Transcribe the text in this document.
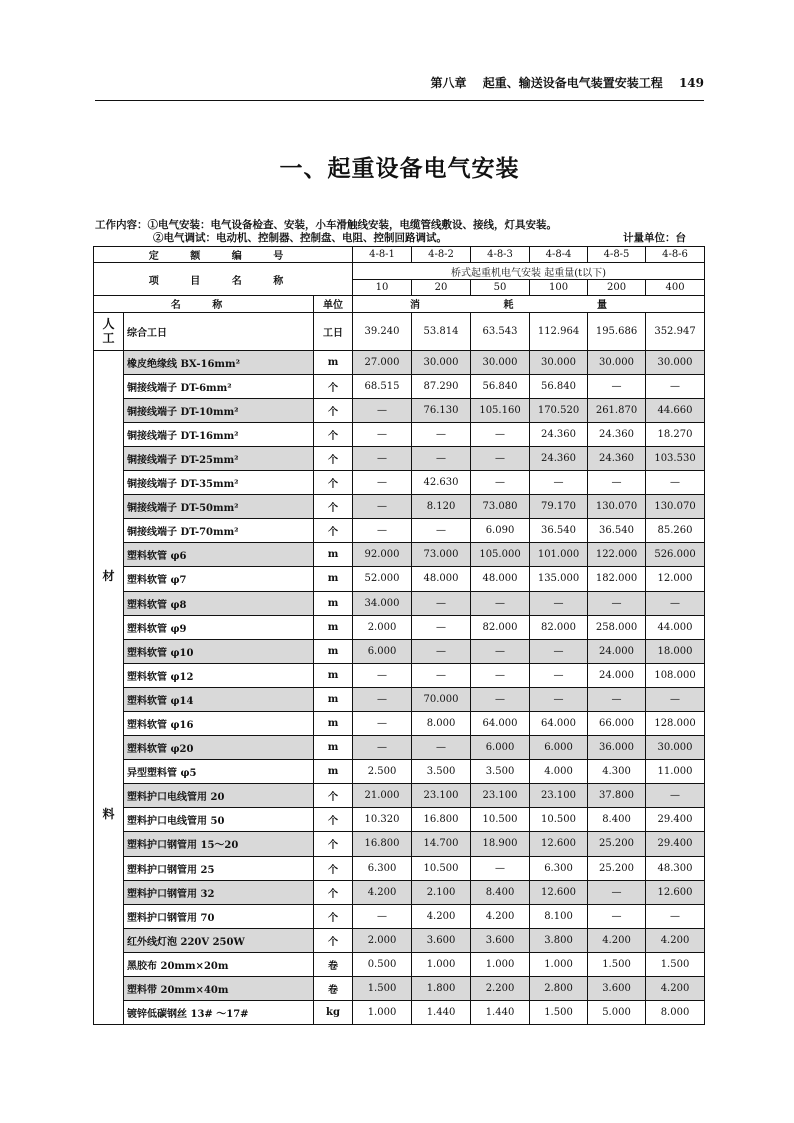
第八章 起重、输送设备电气装置安装工程 149
一、起重设备电气安装
工作内容：①电气安装：电气设备检查、安装，小车滑触线安装，电缆管线敷设、接线，灯具安装。
②电气调试：电动机、控制器、控制盘、电阻、控制回路调试。	计量单位：台
定 额 编 号			4-8-1	4-8-2	4-8-3	4-8-4	4-8-5	4-8-6
项 目 名 称			桥式起重机电气安装 起重量(t以下)					
			10	20	50	100	200	400
名 称		单位	消 耗 量					

人
工	综合工日	工日	39.240	53.814	63.543	112.964	195.686	352.947

材
料	橡皮绝缘线 BX-16mm²	m	27.000	30.000	30.000	30.000	30.000	30.000
	铜接线端子 DT-6mm²	个	68.515	87.290	56.840	56.840	—	—
	铜接线端子 DT-10mm²	个	—	76.130	105.160	170.520	261.870	44.660
	铜接线端子 DT-16mm²	个	—	—	—	24.360	24.360	18.270
	铜接线端子 DT-25mm²	个	—	—	—	24.360	24.360	103.530
	铜接线端子 DT-35mm²	个	—	42.630	—	—	—	—
	铜接线端子 DT-50mm²	个	—	8.120	73.080	79.170	130.070	130.070
	铜接线端子 DT-70mm²	个	—	—	6.090	36.540	36.540	85.260
	塑料软管 φ6	m	92.000	73.000	105.000	101.000	122.000	526.000
	塑料软管 φ7	m	52.000	48.000	48.000	135.000	182.000	12.000
	塑料软管 φ8	m	34.000	—	—	—	—	—
	塑料软管 φ9	m	2.000	—	82.000	82.000	258.000	44.000
	塑料软管 φ10	m	6.000	—	—	—	24.000	18.000
	塑料软管 φ12	m	—	—	—	—	24.000	108.000
	塑料软管 φ14	m	—	70.000	—	—	—	—
	塑料软管 φ16	m	—	8.000	64.000	64.000	66.000	128.000
	塑料软管 φ20	m	—	—	6.000	6.000	36.000	30.000
	异型塑料管 φ5	m	2.500	3.500	3.500	4.000	4.300	11.000
	塑料护口电线管用 20	个	21.000	23.100	23.100	23.100	37.800	—
	塑料护口电线管用 50	个	10.320	16.800	10.500	10.500	8.400	29.400
	塑料护口钢管用 15～20	个	16.800	14.700	18.900	12.600	25.200	29.400
	塑料护口钢管用 25	个	6.300	10.500	—	6.300	25.200	48.300
	塑料护口钢管用 32	个	4.200	2.100	8.400	12.600	—	12.600
	塑料护口钢管用 70	个	—	4.200	4.200	8.100	—	—
	红外线灯泡 220V 250W	个	2.000	3.600	3.600	3.800	4.200	4.200
	黑胶布 20mm×20m	卷	0.500	1.000	1.000	1.000	1.500	1.500
	塑料带 20mm×40m	卷	1.500	1.800	2.200	2.800	3.600	4.200
	镀锌低碳钢丝 13# ～17#	kg	1.000	1.440	1.440	1.500	5.000	8.000
